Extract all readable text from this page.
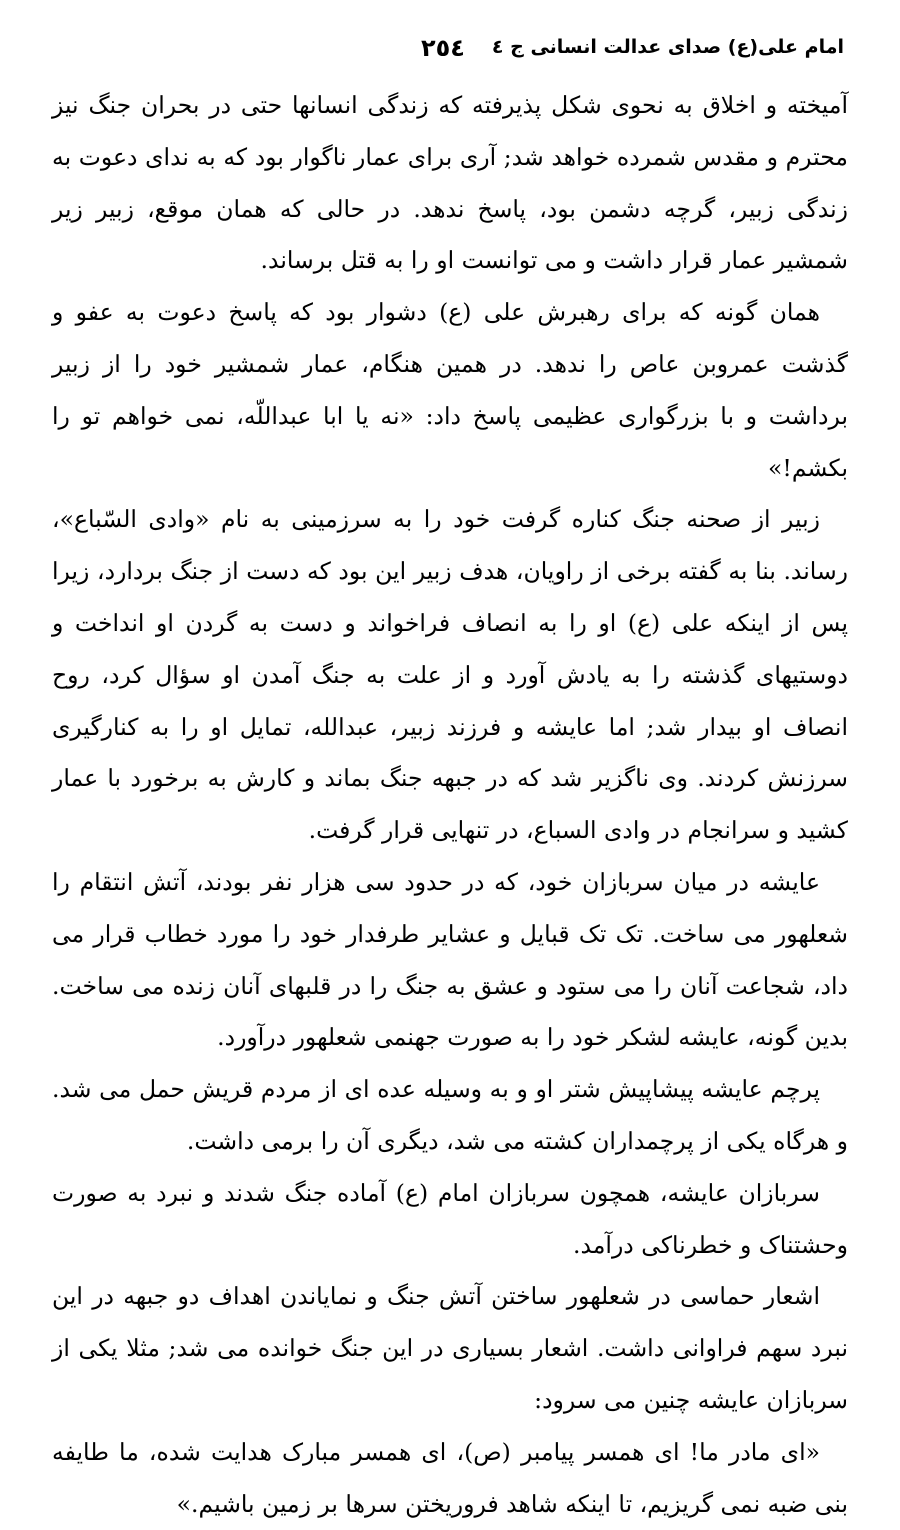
امام علی(ع) صدای عدالت انسانی ج ٤
٢٥٤

آمیخته و اخلاق به نحوی شکل پذیرفته که زندگی انسانها حتی در بحران جنگ نیز محترم و مقدس شمرده خواهد شد; آری برای عمار ناگوار بود که به ندای دعوت به زندگی زبیر، گرچه دشمن بود، پاسخ ندهد. در حالی که همان موقع، زبیر زیر شمشیر عمار قرار داشت و می توانست او را به قتل برساند.

همان گونه که برای رهبرش علی (ع) دشوار بود که پاسخ دعوت به عفو و گذشت عمروبن عاص را ندهد. در همین هنگام، عمار شمشیر خود را از زبیر برداشت و با بزرگواری عظیمی پاسخ داد: «نه یا ابا عبداللّه، نمی خواهم تو را بکشم!»

زبیر از صحنه جنگ کناره گرفت خود را به سرزمینی به نام «وادی السّباع»، رساند. بنا به گفته برخی از راویان، هدف زبیر این بود که دست از جنگ بردارد، زیرا پس از اینکه علی (ع) او را به انصاف فراخواند و دست به گردن او انداخت و دوستیهای گذشته را به یادش آورد و از علت به جنگ آمدن او سؤال کرد، روح انصاف او بیدار شد; اما عایشه و فرزند زبیر، عبدالله، تمایل او را به کنارگیری سرزنش کردند. وی ناگزیر شد که در جبهه جنگ بماند و کارش به برخورد با عمار کشید و سرانجام در وادی السباع، در تنهایی قرار گرفت.

عایشه در میان سربازان خود، که در حدود سی هزار نفر بودند، آتش انتقام را شعلهور می ساخت. تک تک قبایل و عشایر طرفدار خود را مورد خطاب قرار می داد، شجاعت آنان را می ستود و عشق به جنگ را در قلبهای آنان زنده می ساخت. بدین گونه، عایشه لشکر خود را به صورت جهنمی شعلهور درآورد.

پرچم عایشه پیشاپیش شتر او و به وسیله عده ای از مردم قریش حمل می شد. و هرگاه یکی از پرچمداران کشته می شد، دیگری آن را برمی داشت.

سربازان عایشه، همچون سربازان امام (ع) آماده جنگ شدند و نبرد به صورت وحشتناک و خطرناکی درآمد.

اشعار حماسی در شعلهور ساختن آتش جنگ و نمایاندن اهداف دو جبهه در این نبرد سهم فراوانی داشت. اشعار بسیاری در این جنگ خوانده می شد; مثلا یکی از سربازان عایشه چنین می سرود:

«ای مادر ما! ای همسر پیامبر (ص)، ای همسر مبارک هدایت شده، ما طایفه بنی ضبه نمی گریزیم، تا اینکه شاهد فروریختن سرها بر زمین باشیم.»
